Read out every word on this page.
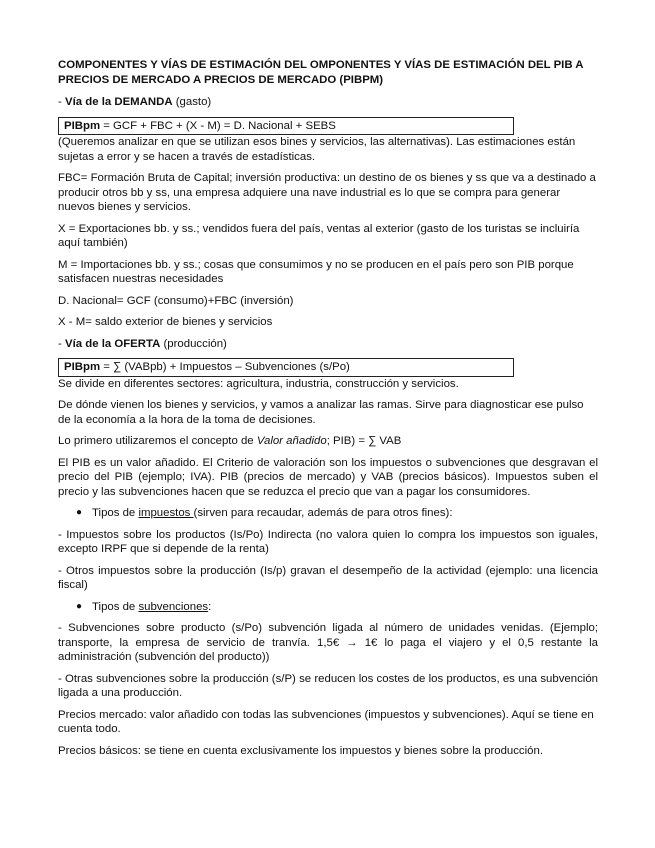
COMPONENTES Y VÍAS DE ESTIMACIÓN DEL OMPONENTES Y VÍAS DE ESTIMACIÓN DEL PIB A PRECIOS DE MERCADO A PRECIOS DE MERCADO (PIBPM)

- Vía de la DEMANDA (gasto)

PIBpm = GCF + FBC + (X - M) = D. Nacional + SEBS

(Queremos analizar en que se utilizan esos bines y servicios, las alternativas). Las estimaciones están sujetas a error y se hacen a través de estadísticas.

FBC= Formación Bruta de Capital; inversión productiva: un destino de os bienes y ss que va a destinado a producir otros bb y ss, una empresa adquiere una nave industrial es lo que se compra para generar nuevos bienes y servicios.

X = Exportaciones bb. y ss.; vendidos fuera del país, ventas al exterior (gasto de los turistas se incluiría aquí también)

M = Importaciones bb. y ss.; cosas que consumimos y no se producen en el país pero son PIB porque satisfacen nuestras necesidades

D. Nacional= GCF (consumo)+FBC (inversión)

X - M= saldo exterior de bienes y servicios

- Vía de la OFERTA (producción)

PIBpm = ∑ (VABpb) + Impuestos – Subvenciones (s/Po)

Se divide en diferentes sectores: agricultura, industria, construcción y servicios.

De dónde vienen los bienes y servicios, y vamos a analizar las ramas. Sirve para diagnosticar ese pulso de la economía a la hora de la toma de decisiones.

Lo primero utilizaremos el concepto de Valor añadido; PIB) = ∑ VAB

El PIB es un valor añadido. El Criterio de valoración son los impuestos o subvenciones que desgravan el precio del PIB (ejemplo; IVA). PIB (precios de mercado) y VAB (precios básicos). Impuestos suben el precio y las subvenciones hacen que se reduzca el precio que van a pagar los consumidores.

● Tipos de impuestos (sirven para recaudar, además de para otros fines):

- Impuestos sobre los productos (Is/Po) Indirecta (no valora quien lo compra los impuestos son iguales, excepto IRPF que si depende de la renta)

- Otros impuestos sobre la producción (Is/p) gravan el desempeño de la actividad (ejemplo: una licencia fiscal)

● Tipos de subvenciones:

- Subvenciones sobre producto (s/Po) subvención ligada al número de unidades venidas. (Ejemplo; transporte, la empresa de servicio de tranvía. 1,5€ → 1€ lo paga el viajero y el 0,5 restante la administración (subvención del producto))

- Otras subvenciones sobre la producción (s/P) se reducen los costes de los productos, es una subvención ligada a una producción.

Precios mercado: valor añadido con todas las subvenciones (impuestos y subvenciones). Aquí se tiene en cuenta todo.

Precios básicos: se tiene en cuenta exclusivamente los impuestos y bienes sobre la producción.
